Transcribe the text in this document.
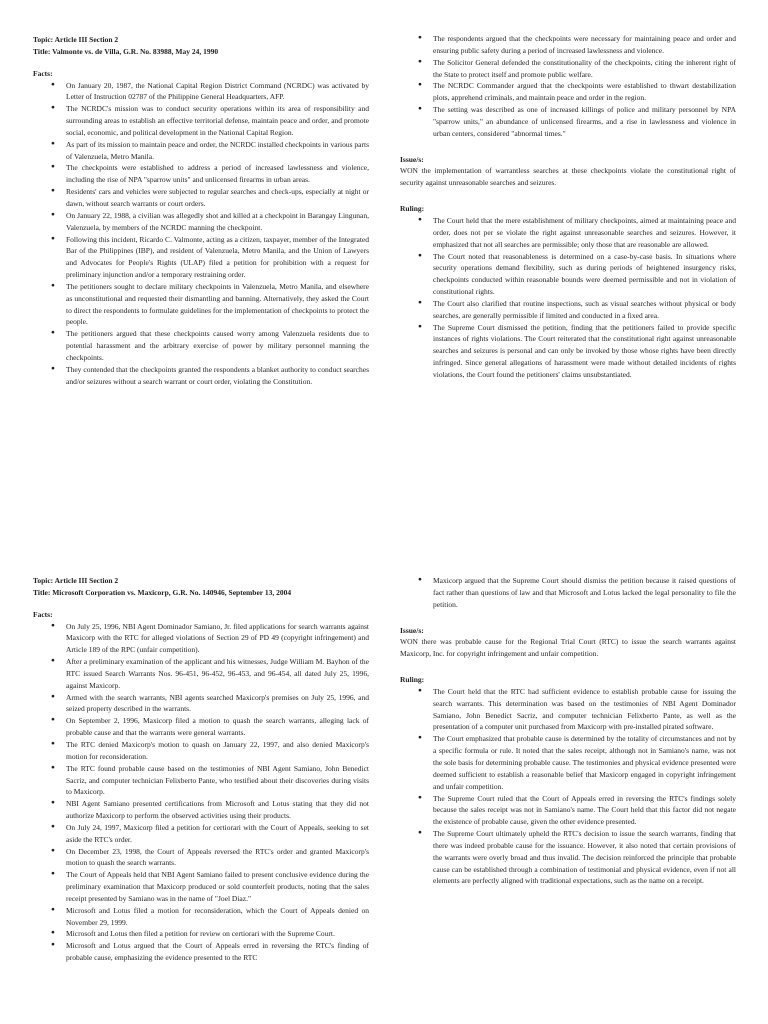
Topic: Article III Section 2
Title: Valmonte vs. de Villa, G.R. No. 83988, May 24, 1990
Facts:
● On January 20, 1987, the National Capital Region District Command (NCRDC) was activated by Letter of Instruction 02787 of the Philippine General Headquarters, AFP.
● The NCRDC's mission was to conduct security operations within its area of responsibility and surrounding areas to establish an effective territorial defense, maintain peace and order, and promote social, economic, and political development in the National Capital Region.
● As part of its mission to maintain peace and order, the NCRDC installed checkpoints in various parts of Valenzuela, Metro Manila.
● The checkpoints were established to address a period of increased lawlessness and violence, including the rise of NPA "sparrow units" and unlicensed firearms in urban areas.
● Residents' cars and vehicles were subjected to regular searches and check-ups, especially at night or dawn, without search warrants or court orders.
● On January 22, 1988, a civilian was allegedly shot and killed at a checkpoint in Barangay Lingunan, Valenzuela, by members of the NCRDC manning the checkpoint.
● Following this incident, Ricardo C. Valmonte, acting as a citizen, taxpayer, member of the Integrated Bar of the Philippines (IBP), and resident of Valenzuela, Metro Manila, and the Union of Lawyers and Advocates for People's Rights (ULAP) filed a petition for prohibition with a request for preliminary injunction and/or a temporary restraining order.
● The petitioners sought to declare military checkpoints in Valenzuela, Metro Manila, and elsewhere as unconstitutional and requested their dismantling and banning. Alternatively, they asked the Court to direct the respondents to formulate guidelines for the implementation of checkpoints to protect the people.
● The petitioners argued that these checkpoints caused worry among Valenzuela residents due to potential harassment and the arbitrary exercise of power by military personnel manning the checkpoints.
● They contended that the checkpoints granted the respondents a blanket authority to conduct searches and/or seizures without a search warrant or court order, violating the Constitution.
● The respondents argued that the checkpoints were necessary for maintaining peace and order and ensuring public safety during a period of increased lawlessness and violence.
● The Solicitor General defended the constitutionality of the checkpoints, citing the inherent right of the State to protect itself and promote public welfare.
● The NCRDC Commander argued that the checkpoints were established to thwart destabilization plots, apprehend criminals, and maintain peace and order in the region.
● The setting was described as one of increased killings of police and military personnel by NPA "sparrow units," an abundance of unlicensed firearms, and a rise in lawlessness and violence in urban centers, considered "abnormal times."
Issue/s:
WON the implementation of warrantless searches at these checkpoints violate the constitutional right of security against unreasonable searches and seizures.
Ruling:
● The Court held that the mere establishment of military checkpoints, aimed at maintaining peace and order, does not per se violate the right against unreasonable searches and seizures. However, it emphasized that not all searches are permissible; only those that are reasonable are allowed.
● The Court noted that reasonableness is determined on a case-by-case basis. In situations where security operations demand flexibility, such as during periods of heightened insurgency risks, checkpoints conducted within reasonable bounds were deemed permissible and not in violation of constitutional rights.
● The Court also clarified that routine inspections, such as visual searches without physical or body searches, are generally permissible if limited and conducted in a fixed area.
● The Supreme Court dismissed the petition, finding that the petitioners failed to provide specific instances of rights violations. The Court reiterated that the constitutional right against unreasonable searches and seizures is personal and can only be invoked by those whose rights have been directly infringed. Since general allegations of harassment were made without detailed incidents of rights violations, the Court found the petitioners' claims unsubstantiated.
Topic: Article III Section 2
Title: Microsoft Corporation vs. Maxicorp, G.R. No. 140946, September 13, 2004
Facts:
● On July 25, 1996, NBI Agent Dominador Samiano, Jr. filed applications for search warrants against Maxicorp with the RTC for alleged violations of Section 29 of PD 49 (copyright infringement) and Article 189 of the RPC (unfair competition).
● After a preliminary examination of the applicant and his witnesses, Judge William M. Bayhon of the RTC issued Search Warrants Nos. 96-451, 96-452, 96-453, and 96-454, all dated July 25, 1996, against Maxicorp.
● Armed with the search warrants, NBI agents searched Maxicorp's premises on July 25, 1996, and seized property described in the warrants.
● On September 2, 1996, Maxicorp filed a motion to quash the search warrants, alleging lack of probable cause and that the warrants were general warrants.
● The RTC denied Maxicorp's motion to quash on January 22, 1997, and also denied Maxicorp's motion for reconsideration.
● The RTC found probable cause based on the testimonies of NBI Agent Samiano, John Benedict Sacriz, and computer technician Felixberto Pante, who testified about their discoveries during visits to Maxicorp.
● NBI Agent Samiano presented certifications from Microsoft and Lotus stating that they did not authorize Maxicorp to perform the observed activities using their products.
● On July 24, 1997, Maxicorp filed a petition for certiorari with the Court of Appeals, seeking to set aside the RTC's order.
● On December 23, 1998, the Court of Appeals reversed the RTC's order and granted Maxicorp's motion to quash the search warrants.
● The Court of Appeals held that NBI Agent Samiano failed to present conclusive evidence during the preliminary examination that Maxicorp produced or sold counterfeit products, noting that the sales receipt presented by Samiano was in the name of "Joel Diaz."
● Microsoft and Lotus filed a motion for reconsideration, which the Court of Appeals denied on November 29, 1999.
● Microsoft and Lotus then filed a petition for review on certiorari with the Supreme Court.
● Microsoft and Lotus argued that the Court of Appeals erred in reversing the RTC's finding of probable cause, emphasizing the evidence presented to the RTC
● Maxicorp argued that the Supreme Court should dismiss the petition because it raised questions of fact rather than questions of law and that Microsoft and Lotus lacked the legal personality to file the petition.
Issue/s:
WON there was probable cause for the Regional Trial Court (RTC) to issue the search warrants against Maxicorp, Inc. for copyright infringement and unfair competition.
Ruling:
● The Court held that the RTC had sufficient evidence to establish probable cause for issuing the search warrants. This determination was based on the testimonies of NBI Agent Dominador Samiano, John Benedict Sacriz, and computer technician Felixberto Pante, as well as the presentation of a computer unit purchased from Maxicorp with pre-installed pirated software.
● The Court emphasized that probable cause is determined by the totality of circumstances and not by a specific formula or rule. It noted that the sales receipt, although not in Samiano's name, was not the sole basis for determining probable cause. The testimonies and physical evidence presented were deemed sufficient to establish a reasonable belief that Maxicorp engaged in copyright infringement and unfair competition.
● The Supreme Court ruled that the Court of Appeals erred in reversing the RTC's findings solely because the sales receipt was not in Samiano's name. The Court held that this factor did not negate the existence of probable cause, given the other evidence presented.
● The Supreme Court ultimately upheld the RTC's decision to issue the search warrants, finding that there was indeed probable cause for the issuance. However, it also noted that certain provisions of the warrants were overly broad and thus invalid. The decision reinforced the principle that probable cause can be established through a combination of testimonial and physical evidence, even if not all elements are perfectly aligned with traditional expectations, such as the name on a receipt.
